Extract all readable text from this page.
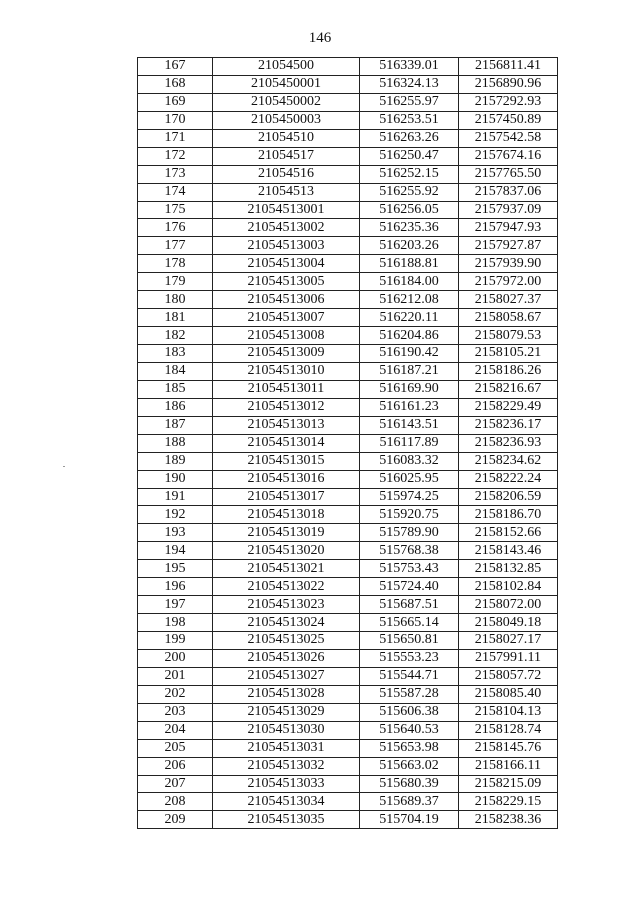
146
167	21054500	516339.01	2156811.41
168	2105450001	516324.13	2156890.96
169	2105450002	516255.97	2157292.93
170	2105450003	516253.51	2157450.89
171	21054510	516263.26	2157542.58
172	21054517	516250.47	2157674.16
173	21054516	516252.15	2157765.50
174	21054513	516255.92	2157837.06
175	21054513001	516256.05	2157937.09
176	21054513002	516235.36	2157947.93
177	21054513003	516203.26	2157927.87
178	21054513004	516188.81	2157939.90
179	21054513005	516184.00	2157972.00
180	21054513006	516212.08	2158027.37
181	21054513007	516220.11	2158058.67
182	21054513008	516204.86	2158079.53
183	21054513009	516190.42	2158105.21
184	21054513010	516187.21	2158186.26
185	21054513011	516169.90	2158216.67
186	21054513012	516161.23	2158229.49
187	21054513013	516143.51	2158236.17
188	21054513014	516117.89	2158236.93
189	21054513015	516083.32	2158234.62
190	21054513016	516025.95	2158222.24
191	21054513017	515974.25	2158206.59
192	21054513018	515920.75	2158186.70
193	21054513019	515789.90	2158152.66
194	21054513020	515768.38	2158143.46
195	21054513021	515753.43	2158132.85
196	21054513022	515724.40	2158102.84
197	21054513023	515687.51	2158072.00
198	21054513024	515665.14	2158049.18
199	21054513025	515650.81	2158027.17
200	21054513026	515553.23	2157991.11
201	21054513027	515544.71	2158057.72
202	21054513028	515587.28	2158085.40
203	21054513029	515606.38	2158104.13
204	21054513030	515640.53	2158128.74
205	21054513031	515653.98	2158145.76
206	21054513032	515663.02	2158166.11
207	21054513033	515680.39	2158215.09
208	21054513034	515689.37	2158229.15
209	21054513035	515704.19	2158238.36
